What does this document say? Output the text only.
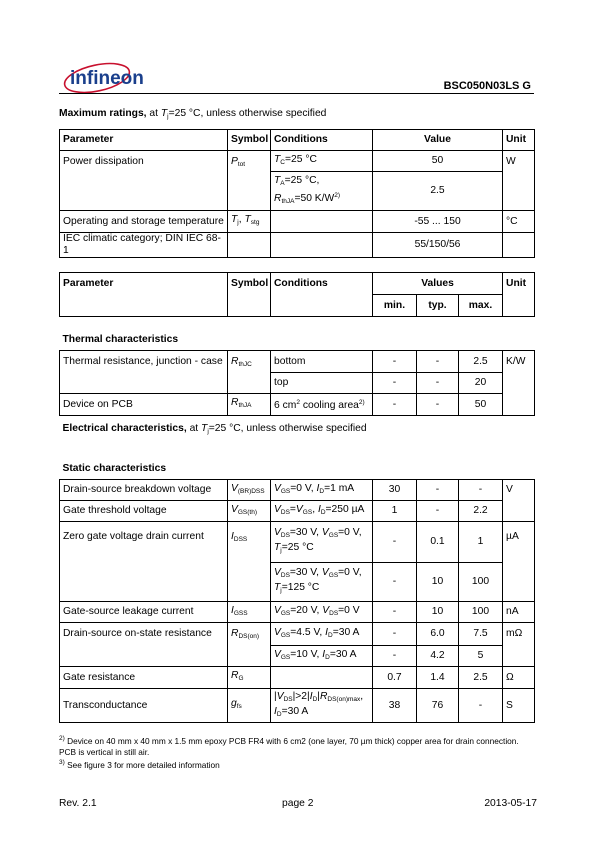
infineon	BSC050N03LS G
Maximum ratings, at $T_j=25$ °C, unless otherwise specified
Parameter	Symbol	Conditions	Value	Unit
Power dissipation	$P_{tot}$	$T_C=25$ °C	50	W
		$T_A=25$ °C,
$R_{thJA}=50$ $K/W^{2)}$	2.5	
Operating and storage temperature	$T_j$, $T_{stg}$		-55 ... 150	°C
IEC climatic category; DIN IEC 68-1			55/150/56	
Parameter	Symbol	Conditions	Values			Unit
			min.	typ.	max.	
Thermal characteristics						
Thermal resistance, junction - case	$R_{thJC}$	bottom	-	-	2.5	K/W
		top	-	-	20	
Device on PCB	$R_{thJA}$	6 $cm^2$ cooling area$^{2)}$	-	-	50	
Electrical characteristics, at $T_j=25$ °C, unless otherwise specified						
Static characteristics						
Drain-source breakdown voltage	$V_{(BR)DSS}$	$V_{GS}=0$ V, $I_D=1$ mA	30	-	-	V
Gate threshold voltage	$V_{GS(th)}$	$V_{DS}=V_{GS}$, $I_D=250$ µA	1	-	2.2	
Zero gate voltage drain current	$I_{DSS}$	$V_{DS}=30$ V, $V_{GS}=0$ V,
$T_j=25$ °C	-	0.1	1	µA
		$V_{DS}=30$ V, $V_{GS}=0$ V,
$T_j=125$ °C	-	10	100	
Gate-source leakage current	$I_{GSS}$	$V_{GS}=20$ V, $V_{DS}=0$ V	-	10	100	nA
Drain-source on-state resistance	$R_{DS(on)}$	$V_{GS}=4.5$ V, $I_D=30$ A	-	6.0	7.5	mΩ
		$V_{GS}=10$ V, $I_D=30$ A	-	4.2	5	
Gate resistance	$R_G$		0.7	1.4	2.5	Ω
Transconductance	$g_{fs}$	$|V_{DS}|>2|I_D|R_{DS(on)max}$,
$I_D=30$ A	38	76	-	S
$^{2)}$ Device on 40 mm x 40 mm x 1.5 mm epoxy PCB FR4 with 6 cm2 (one layer, 70 µm thick) copper area for drain connection. PCB is vertical in still air.
$^{3)}$ See figure 3 for more detailed information
Rev. 2.1	page 2	2013-05-17
